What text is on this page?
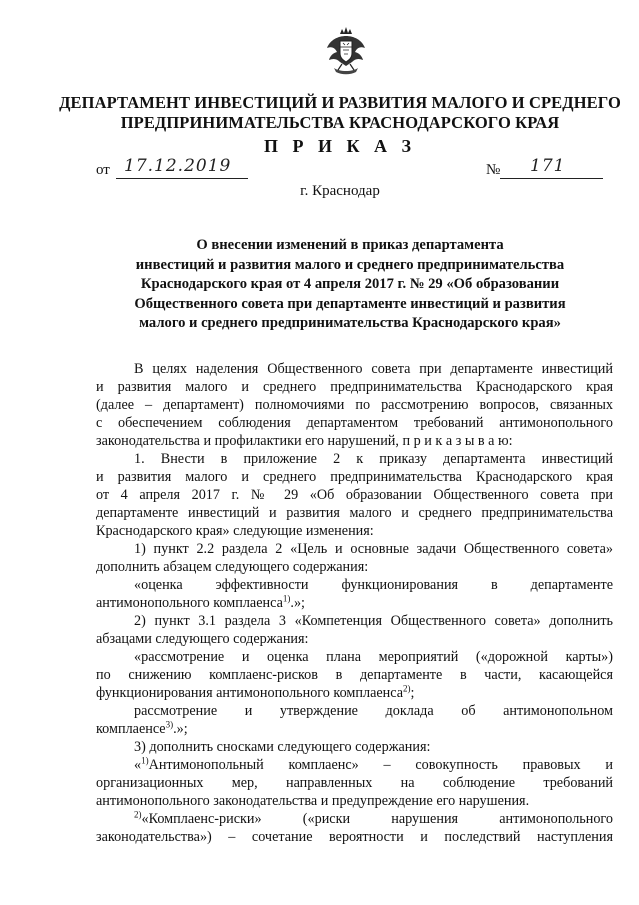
ДЕПАРТАМЕНТ ИНВЕСТИЦИЙ И РАЗВИТИЯ МАЛОГО И СРЕДНЕГО
ПРЕДПРИНИМАТЕЛЬСТВА КРАСНОДАРСКОГО КРАЯ
П Р И К А З
от 17.12.2019	№ 171
г. Краснодар
О внесении изменений в приказ департамента
инвестиций и развития малого и среднего предпринимательства
Краснодарского края от 4 апреля 2017 г. № 29 «Об образовании
Общественного совета при департаменте инвестиций и развития
малого и среднего предпринимательства Краснодарского края»
В целях наделения Общественного совета при департаменте инвестиций
и развития малого и среднего предпринимательства Краснодарского края
(далее – департамент) полномочиями по рассмотрению вопросов, связанных
с обеспечением соблюдения департаментом требований антимонопольного
законодательства и профилактики его нарушений, п р и к а з ы в а ю:
1. Внести в приложение 2 к приказу департамента инвестиций
и развития малого и среднего предпринимательства Краснодарского края
от 4 апреля 2017 г. № 29 «Об образовании Общественного совета при
департаменте инвестиций и развития малого и среднего предпринимательства
Краснодарского края» следующие изменения:
1) пункт 2.2 раздела 2 «Цель и основные задачи Общественного совета»
дополнить абзацем следующего содержания:
«оценка эффективности функционирования в департаменте
антимонопольного комплаенса$^{1)}$.»;
2) пункт 3.1 раздела 3 «Компетенция Общественного совета» дополнить
абзацами следующего содержания:
«рассмотрение и оценка плана мероприятий («дорожной карты»)
по снижению комплаенс-рисков в департаменте в части, касающейся
функционирования антимонопольного комплаенса$^{2)}$;
рассмотрение и утверждение доклада об антимонопольном
комплаенсе$^{3)}$.»;
3) дополнить сносками следующего содержания:
«$^{1)}$Антимонопольный комплаенс» – совокупность правовых и
организационных мер, направленных на соблюдение требований
антимонопольного законодательства и предупреждение его нарушения.
$^{2)}$«Комплаенс-риски» («риски нарушения антимонопольного
законодательства») – сочетание вероятности и последствий наступления
